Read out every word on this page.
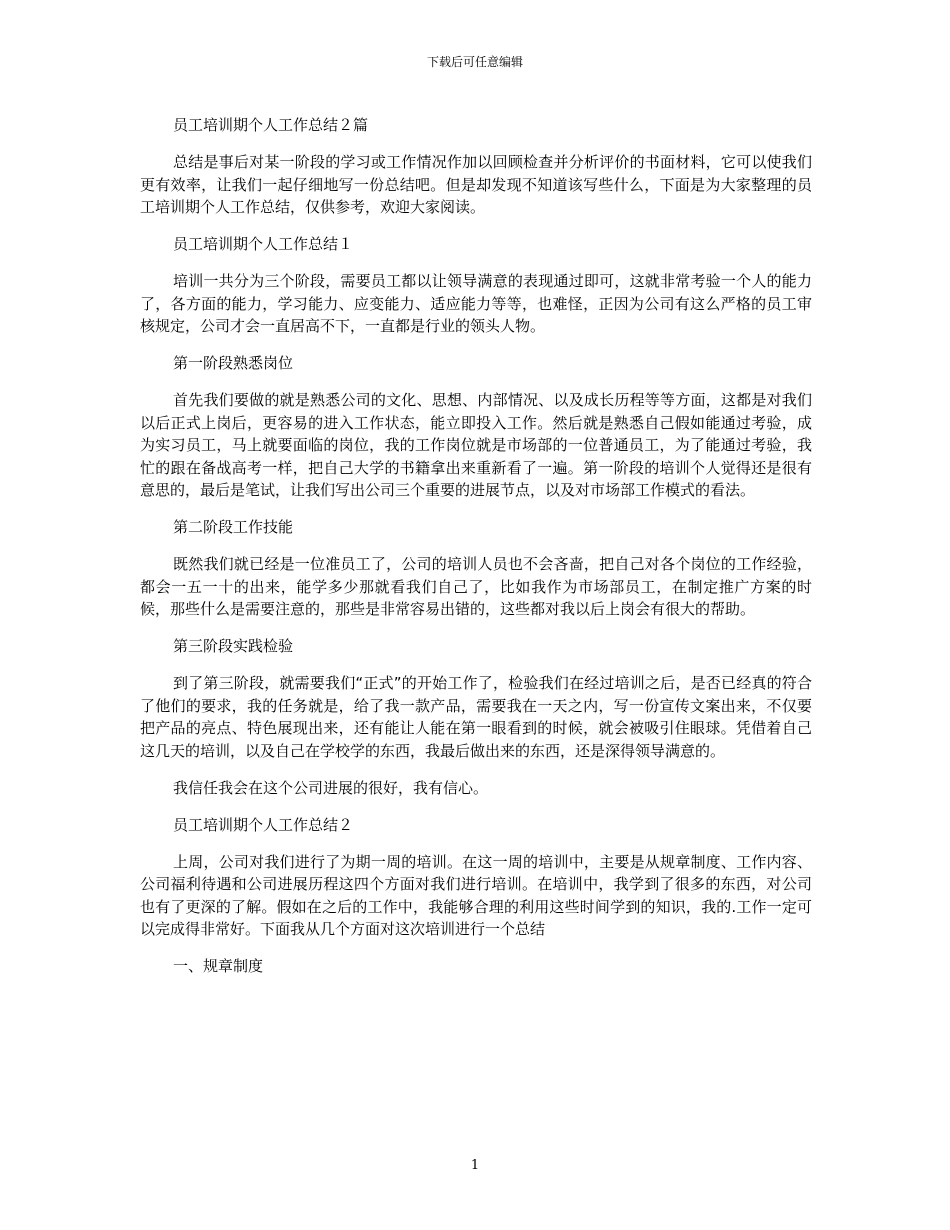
下载后可任意编辑

员工培训期个人工作总结２篇

总结是事后对某一阶段的学习或工作情况作加以回顾检查并分析评价的书面材料，它可以使我们更有效率，让我们一起仔细地写一份总结吧。但是却发现不知道该写些什么，下面是为大家整理的员工培训期个人工作总结，仅供参考，欢迎大家阅读。

员工培训期个人工作总结１

培训一共分为三个阶段，需要员工都以让领导满意的表现通过即可，这就非常考验一个人的能力了，各方面的能力，学习能力、应变能力、适应能力等等，也难怪，正因为公司有这么严格的员工审核规定，公司才会一直居高不下，一直都是行业的领头人物。

第一阶段熟悉岗位

首先我们要做的就是熟悉公司的文化、思想、内部情况、以及成长历程等等方面，这都是对我们以后正式上岗后，更容易的进入工作状态，能立即投入工作。然后就是熟悉自己假如能通过考验，成为实习员工，马上就要面临的岗位，我的工作岗位就是市场部的一位普通员工，为了能通过考验，我忙的跟在备战高考一样，把自己大学的书籍拿出来重新看了一遍。第一阶段的培训个人觉得还是很有意思的，最后是笔试，让我们写出公司三个重要的进展节点，以及对市场部工作模式的看法。

第二阶段工作技能

既然我们就已经是一位准员工了，公司的培训人员也不会吝啬，把自己对各个岗位的工作经验，都会一五一十的出来，能学多少那就看我们自己了，比如我作为市场部员工，在制定推广方案的时候，那些什么是需要注意的，那些是非常容易出错的，这些都对我以后上岗会有很大的帮助。

第三阶段实践检验

到了第三阶段，就需要我们“正式”的开始工作了，检验我们在经过培训之后，是否已经真的符合了他们的要求，我的任务就是，给了我一款产品，需要我在一天之内，写一份宣传文案出来，不仅要把产品的亮点、特色展现出来，还有能让人能在第一眼看到的时候，就会被吸引住眼球。凭借着自己这几天的培训，以及自己在学校学的东西，我最后做出来的东西，还是深得领导满意的。

我信任我会在这个公司进展的很好，我有信心。

员工培训期个人工作总结２

上周，公司对我们进行了为期一周的培训。在这一周的培训中，主要是从规章制度、工作内容、公司福利待遇和公司进展历程这四个方面对我们进行培训。在培训中，我学到了很多的东西，对公司也有了更深的了解。假如在之后的工作中，我能够合理的利用这些时间学到的知识，我的.工作一定可以完成得非常好。下面我从几个方面对这次培训进行一个总结

一、规章制度

1
